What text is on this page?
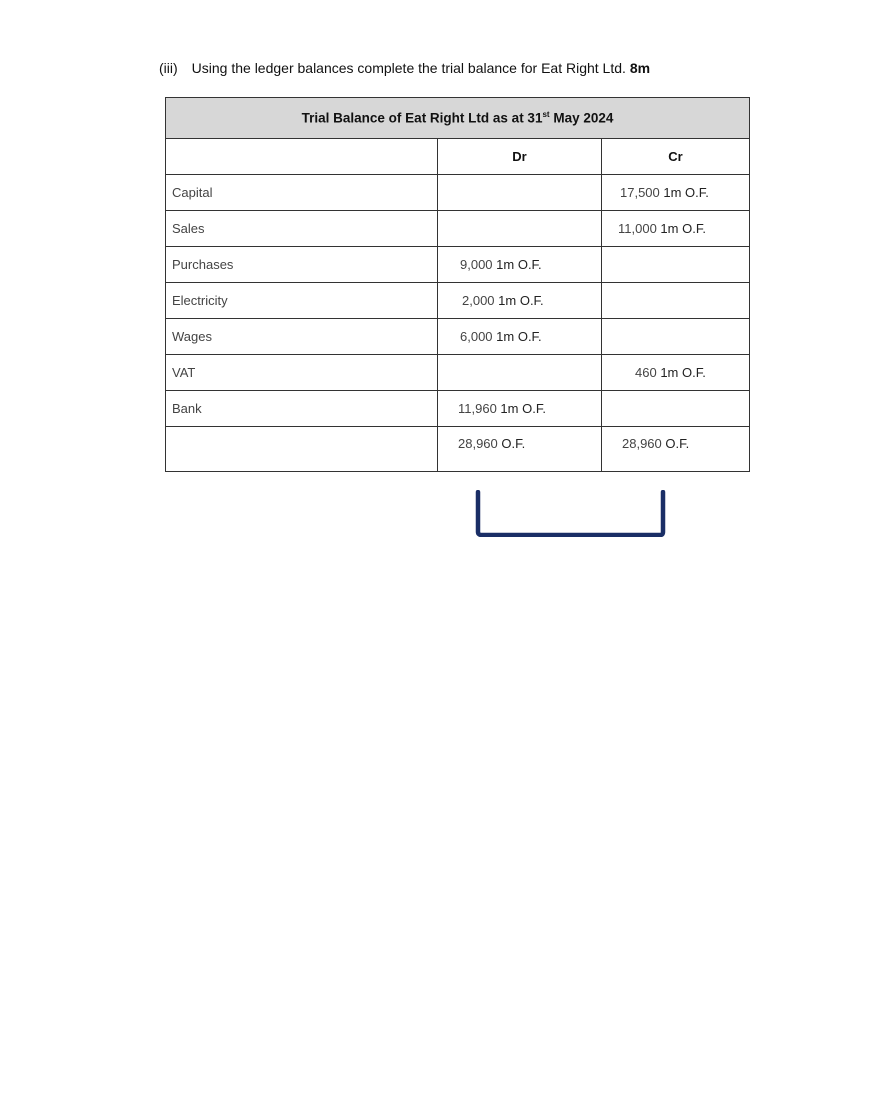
(iii) Using the ledger balances complete the trial balance for Eat Right Ltd. 8m
Trial Balance of Eat Right Ltd as at 31st May 2024		
	Dr	Cr
Capital		17,500 1m O.F.
Sales		11,000 1m O.F.
Purchases	9,000 1m O.F.	
Electricity	2,000 1m O.F.	
Wages	6,000 1m O.F.	
VAT		460 1m O.F.
Bank	11,960 1m O.F.	
	28,960 O.F.	28,960 O.F.
